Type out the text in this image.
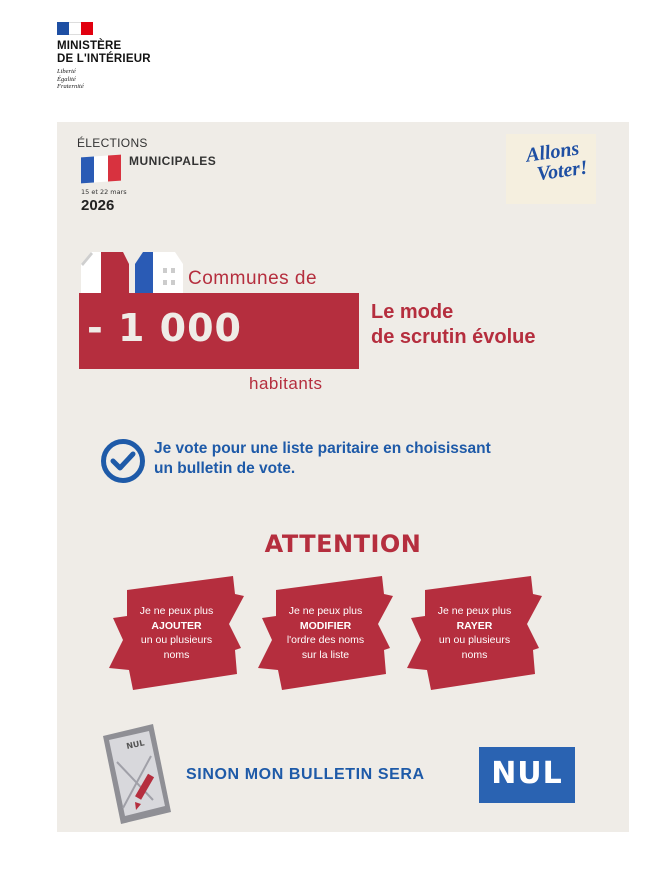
MINISTÈRE
DE L'INTÉRIEUR
Liberté
Égalité
Fraternité
ÉLECTIONS
MUNICIPALES
15 et 22 mars
2026
Allons
Voter!
Communes de
- 1 000
habitants
Le mode
de scrutin évolue
Je vote pour une liste paritaire en choisissant
un bulletin de vote.
ATTENTION
Je ne peux plus
AJOUTER
un ou plusieurs
noms
Je ne peux plus
MODIFIER
l'ordre des noms
sur la liste
Je ne peux plus
RAYER
un ou plusieurs
noms
NUL
SINON MON BULLETIN SERA	NUL
